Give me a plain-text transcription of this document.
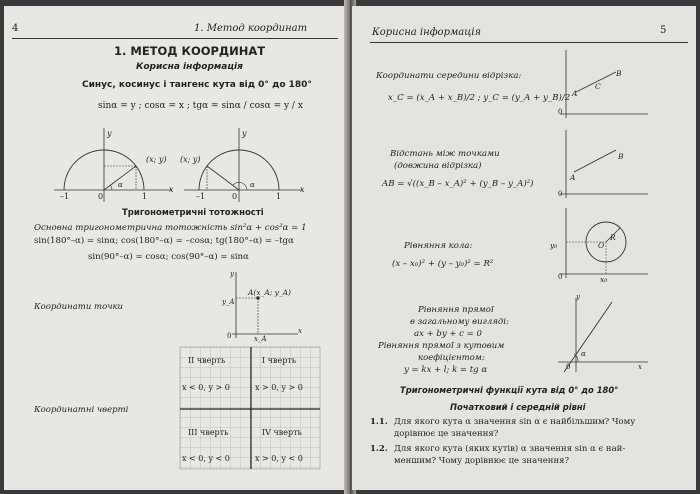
4	1. Метод координат
1. МЕТОД КООРДИНАТ
Корисна інформація
Синус, косинус і тангенс кута від 0° до 180°
sinα = y ; cosα = x ; tgα = sinα / cosα = y / x
(x; y) (x; y)
–1	0	1	–1	0	1
α	α
y	y
x	x
Тригонометричні тотожності
Основна тригонометрична тотожність sin²α + cos²α = 1
sin(180°–α) = sinα; cos(180°–α) = –cosα; tg(180°–α) = –tgα
sin(90°–α) = cosα; cos(90°–α) = sinα
A(x_A; y_A)
y_A
x_A
0
y
x
Координати точки
Координатні чверті
II чверть	I чверть
x < 0, y > 0	x > 0, y > 0
III чверть	IV чверть
x < 0, y < 0	x > 0, y < 0
Корисна інформація	5
Координати середини відрізка:
x_C = (x_A + x_B)/2 ; y_C = (y_A + y_B)/2
Відстань між точками
(довжина відрізка)
AB = √((x_B – x_A)² + (y_B – y_A)²)
Рівняння кола:
(x – x₀)² + (y – y₀)² = R²
Рівняння прямої
в загальному вигляді:
ax + by + c = 0
Рівняння прямої з кутовим
коефіцієнтом:
y = kx + l; k = tg α
A
C
B
0
A
B
0
O
R
y₀
x₀
0
α
0	x
y
Тригонометричні функції кута від 0° до 180°
Початковий і середній рівні
1.1. Для якого кута α значення sin α є найбільшим? Чому
дорівнює це значення?
1.2. Для якого кута (яких кутів) α значення sin α є най-
меншим? Чому дорівнює це значення?
